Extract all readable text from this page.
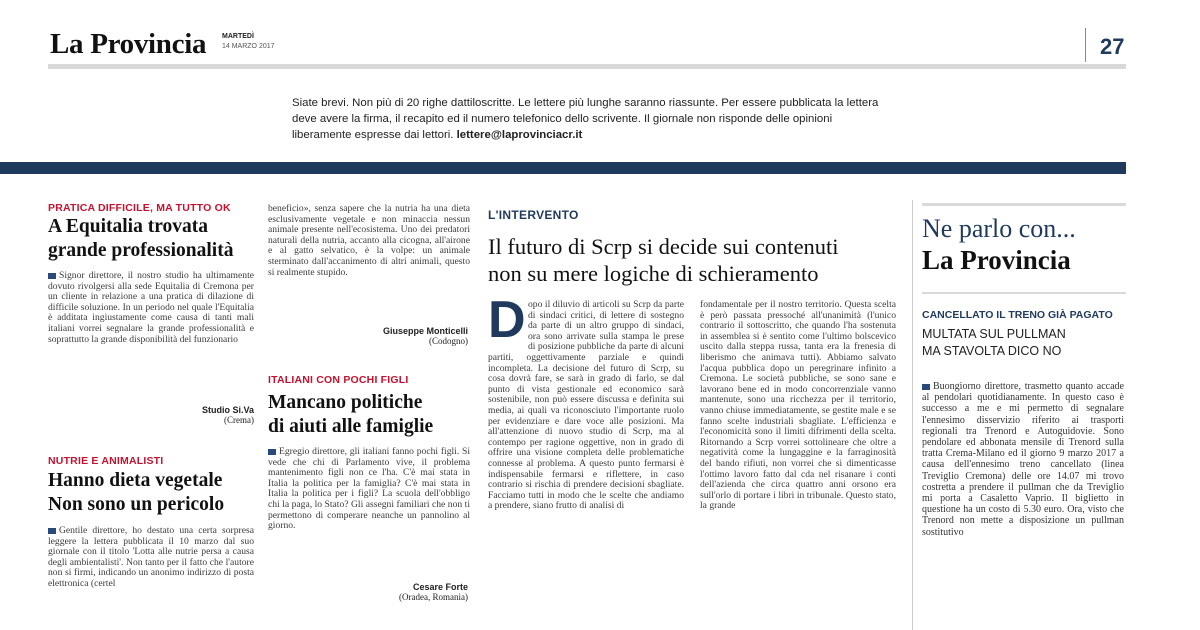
La Provincia MARTEDÌ
14 MARZO 2017	27
Siate brevi. Non più di 20 righe dattiloscritte. Le lettere più lunghe saranno riassunte. Per essere pubblicata la lettera deve avere la firma, il recapito ed il numero telefonico dello scrivente. Il giornale non risponde delle opinioni liberamente espresse dai lettori. lettere@laprovinciacr.it
PRATICA DIFFICILE, MA TUTTO OK
A Equitalia trovata
grande professionalità
Signor direttore, il nostro studio ha ultimamente dovuto rivolgersi alla sede Equitalia di Cremona per un cliente in relazione a una pratica di dilazione di difficile soluzione. In un periodo nel quale l'Equitalia è additata ingiustamente come causa di tanti mali italiani vorrei segnalare la grande professionalità e soprattutto la grande disponibilità del funzionario
Studio Si.Va
(Crema)
NUTRIE E ANIMALISTI
Hanno dieta vegetale
Non sono un pericolo
Gentile direttore, ho destato una certa sorpresa leggere la lettera pubblicata il 10 marzo dal suo giornale con il titolo 'Lotta alle nutrie persa a causa degli ambientalisti'. Non tanto per il fatto che l'autore non si firmi, indicando un anonimo indirizzo di posta elettronica (certel
beneficio», senza sapere che la nutria ha una dieta esclusivamente vegetale e non minaccia nessun animale presente nell'ecosistema. Uno dei predatori naturali della nutria, accanto alla cicogna, all'airone e al gatto selvatico, è la volpe: un animale sterminato dall'accanimento di altri animali, questo si realmente stupido.
Giuseppe Monticelli
(Codogno)
ITALIANI CON POCHI FIGLI
Mancano politiche
di aiuti alle famiglie
Egregio direttore, gli italiani fanno pochi figli. Si vede che chi di Parlamento vive, il problema mantenimento figli non ce l'ha. C'è mai stata in Italia la politica per la famiglia? C'è mai stata in Italia la politica per i figli? La scuola dell'obbligo chi la paga, lo Stato? Gli assegni familiari che non ti permettono di comperare neanche un pannolino al giorno.
Cesare Forte
(Oradea, Romania)
L'INTERVENTO
Il futuro di Scrp si decide sui contenuti
non su mere logiche di schieramento
D opo il diluvio di articoli su Scrp da parte di sindaci critici, di lettere di sostegno da parte di un altro gruppo di sindaci, ora sono arrivate sulla stampa le prese di posizione pubbliche da parte di alcuni partiti, oggettivamente parziale e quindi incompleta. La decisione del futuro di Scrp, su cosa dovrà fare, se sarà in grado di farlo, se dal punto di vista gestionale ed economico sarà sostenibile, non può essere discussa e definita sui media, ai quali va riconosciuto l'importante ruolo per evidenziare e dare voce alle posizioni. Ma all'attenzione di nuovo studio di Scrp, ma al contempo per ragione oggettive, non in grado di offrire una visione completa delle problematiche connesse al problema. A questo punto fermarsi è indispensabile fermarsi e riflettere, in caso contrario si rischia di prendere decisioni sbagliate. Facciamo tutti in modo che le scelte che andiamo a prendere, siano frutto di analisi di
fondamentale per il nostro territorio. Questa scelta è però passata pressoché all'unanimità (l'unico contrario il sottoscritto, che quando l'ha sostenuta in assemblea si è sentito come l'ultimo bolscevico uscito dalla steppa russa, tanta era la frenesia di liberismo che animava tutti). Abbiamo salvato l'acqua pubblica dopo un peregrinare infinito a Cremona. Le società pubbliche, se sono sane e lavorano bene ed in modo concorrenziale vanno mantenute, sono una ricchezza per il territorio, vanno chiuse immediatamente, se gestite male e se fanno scelte industriali sbagliate. L'efficienza e l'economicità sono il limiti difrimenti della scelta. Ritornando a Scrp vorrei sottolineare che oltre a negatività come la lungaggine e la farraginosità del bando rifiuti, non vorrei che si dimenticasse l'ottimo lavoro fatto dal cda nel risanare i conti dell'azienda che circa quattro anni orsono era sull'orlo di portare i libri in tribunale. Questo stato, la grande
Ne parlo con...
La Provincia
CANCELLATO IL TRENO GIÀ PAGATO
MULTATA SUL PULLMAN
MA STAVOLTA DICO NO
Buongiorno direttore, trasmetto quanto accade al pendolari quotidianamente. In questo caso è successo a me e mi permetto di segnalare l'ennesimo disservizio riferito ai trasporti regionali tra Trenord e Autoguidovie. Sono pendolare ed abbonata mensile di Trenord sulla tratta Crema-Milano ed il giorno 9 marzo 2017 a causa dell'ennesimo treno cancellato (linea Treviglio Cremona) delle ore 14.07 mi trovo costretta a prendere il pullman che da Treviglio mi porta a Casaletto Vaprio. Il biglietto in questione ha un costo di 5.30 euro. Ora, visto che Trenord non mette a disposizione un pullman sostitutivo
